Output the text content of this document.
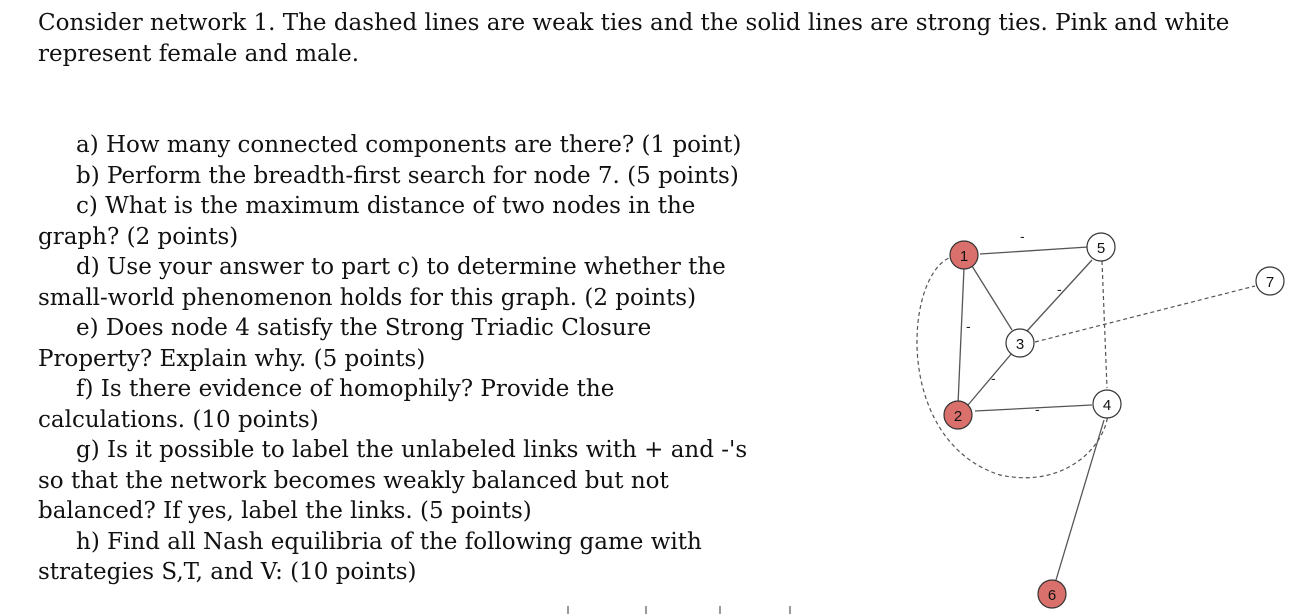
Consider network 1. The dashed lines are weak ties and the solid lines are strong ties. Pink and white represent female and male.

a) How many connected components are there? (1 point)

b) Perform the breadth-first search for node 7. (5 points)

c) What is the maximum distance of two nodes in the graph? (2 points)

d) Use your answer to part c) to determine whether the small-world phenomenon holds for this graph. (2 points)

e) Does node 4 satisfy the Strong Triadic Closure Property? Explain why. (5 points)

f) Is there evidence of homophily? Provide the calculations. (10 points)

g) Is it possible to label the unlabeled links with + and -'s so that the network becomes weakly balanced but not balanced? If yes, label the links. (5 points)

h) Find all Nash equilibria of the following game with strategies S,T, and V: (10 points)

-
-
-
-
-
1
2
3
4
5
6
7
